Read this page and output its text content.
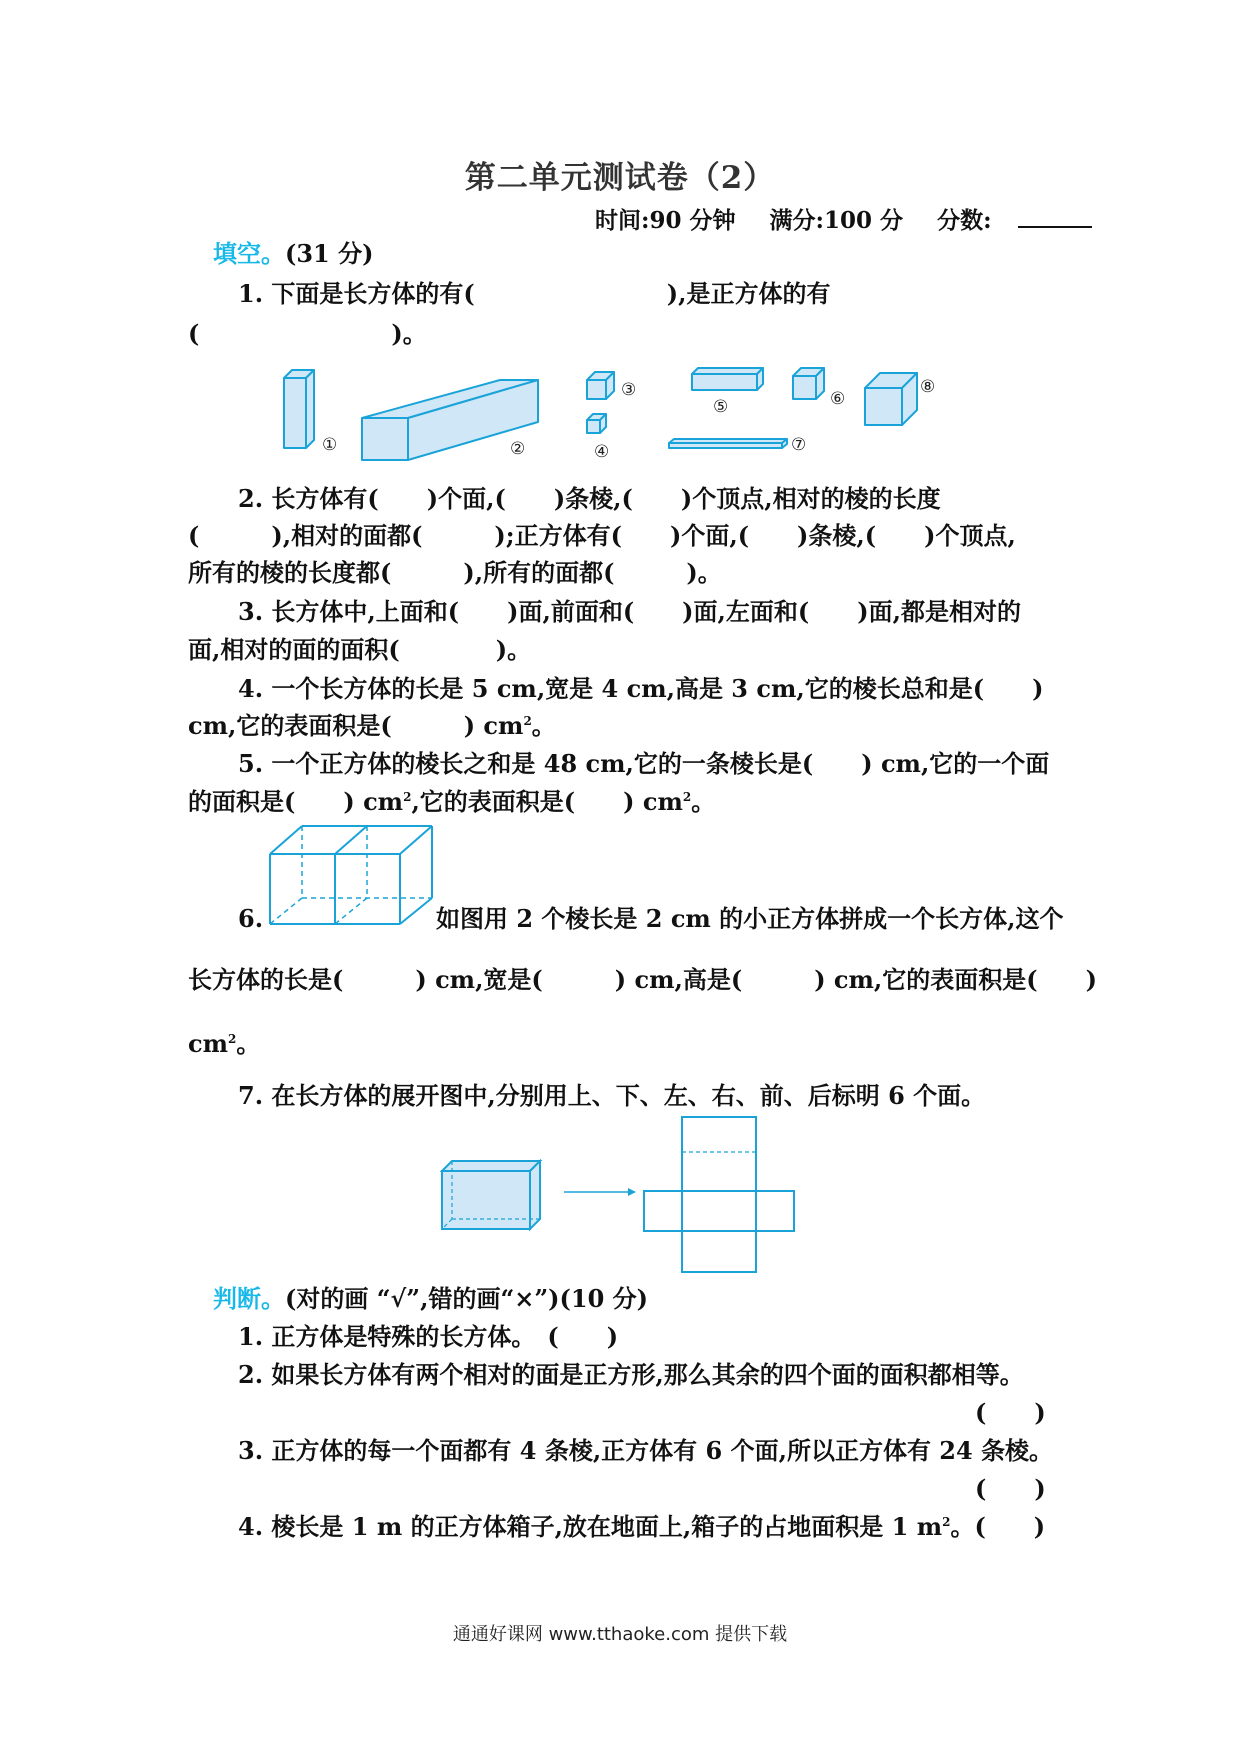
第二单元测试卷（2）
时间:90 分钟 满分:100 分 分数:
填空。(31 分)
1. 下面是长方体的有(　　　　　　　　),是正方体的有
(　　　　　　　　)。
①	②
③
④
⑤	⑥
⑦
⑧
2. 长方体有(　　)个面,(　　)条棱,(　　)个顶点,相对的棱的长度
(　　　),相对的面都(　　　);正方体有(　　)个面,(　　)条棱,(　　)个顶点,
所有的棱的长度都(　　　),所有的面都(　　　)。
3. 长方体中,上面和(　　)面,前面和(　　)面,左面和(　　)面,都是相对的
面,相对的面的面积(　　　　)。
4. 一个长方体的长是 5 cm,宽是 4 cm,高是 3 cm,它的棱长总和是(　　)
cm,它的表面积是(　　　) $cm^2$。
5. 一个正方体的棱长之和是 48 cm,它的一条棱长是(　　) cm,它的一个面
的面积是(　　) $cm^2$,它的表面积是(　　) $cm^2$。
6.	如图用 2 个棱长是 2 cm 的小正方体拼成一个长方体,这个
长方体的长是(　　　) cm,宽是(　　　) cm,高是(　　　) cm,它的表面积是(　　)
$cm^2$。
7. 在长方体的展开图中,分别用上、下、左、右、前、后标明 6 个面。
判断。(对的画 “√”,错的画“×”)(10 分)
1. 正方体是特殊的长方体。　(　　)
2. 如果长方体有两个相对的面是正方形,那么其余的四个面的面积都相等。
(　　)
3. 正方体的每一个面都有 4 条棱,正方体有 6 个面,所以正方体有 24 条棱。
(　　)
4. 棱长是 1 m 的正方体箱子,放在地面上,箱子的占地面积是 1 $m^2$。(　　)
通通好课网 www.tthaoke.com 提供下载
